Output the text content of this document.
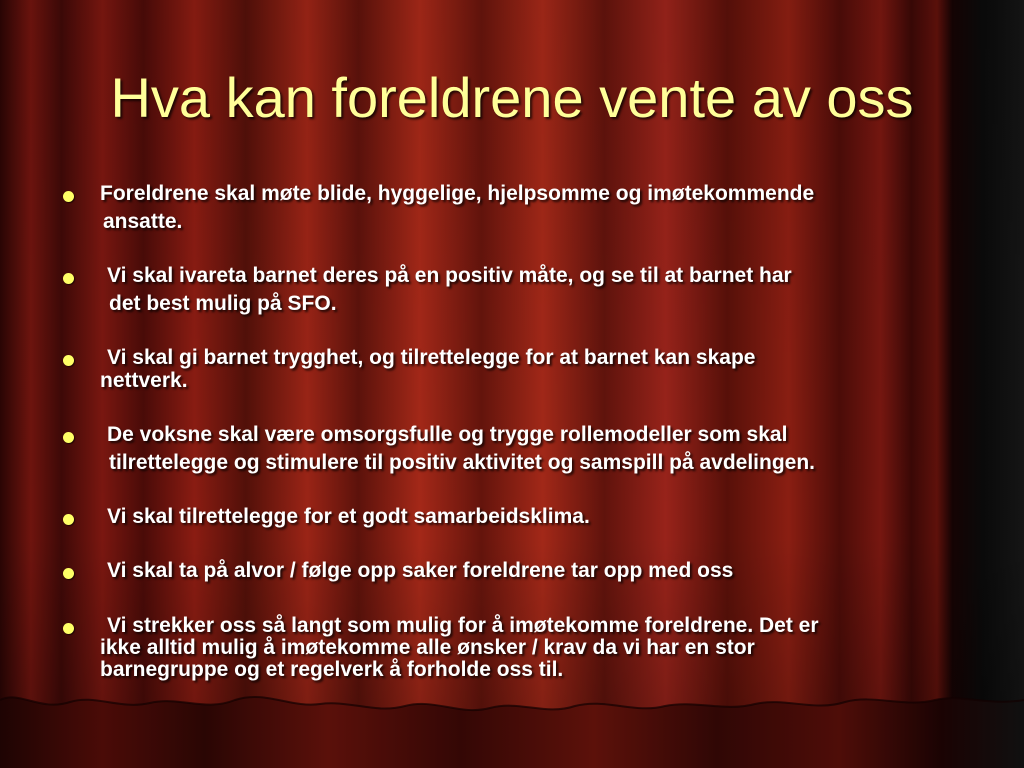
Hva kan foreldrene vente av oss
Foreldrene skal møte blide, hyggelige, hjelpsomme og imøtekommende
ansatte.
Vi skal ivareta barnet deres på en positiv måte, og se til at barnet har
det best mulig på SFO.
Vi skal gi barnet trygghet, og tilrettelegge for at barnet kan skape
nettverk.
De voksne skal være omsorgsfulle og trygge rollemodeller som skal
tilrettelegge og stimulere til positiv aktivitet og samspill på avdelingen.
Vi skal tilrettelegge for et godt samarbeidsklima.
Vi skal ta på alvor / følge opp saker foreldrene tar opp med oss
Vi strekker oss så langt som mulig for å imøtekomme foreldrene. Det er
ikke alltid mulig å imøtekomme alle ønsker / krav da vi har en stor
barnegruppe og et regelverk å forholde oss til.
